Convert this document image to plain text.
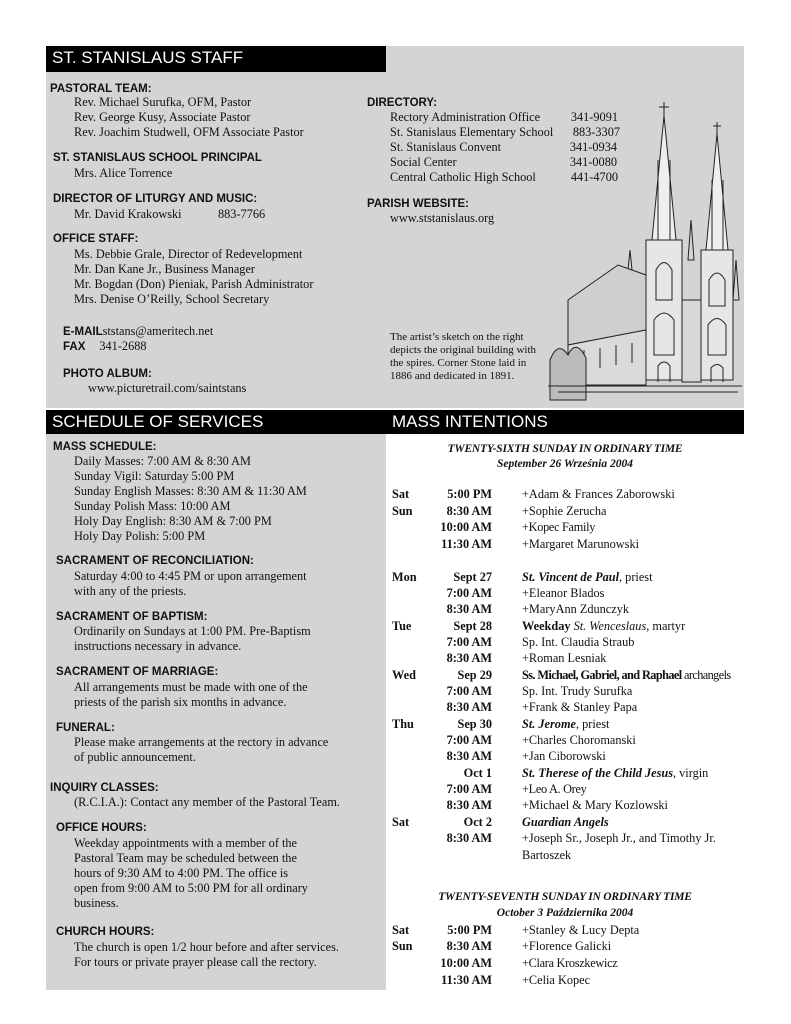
ST. STANISLAUS STAFF
PASTORAL TEAM:
Rev. Michael Surufka, OFM, Pastor
Rev. George Kusy, Associate Pastor
Rev. Joachim Studwell, OFM Associate Pastor
ST. STANISLAUS SCHOOL PRINCIPAL
Mrs. Alice Torrence
DIRECTOR OF LITURGY AND MUSIC:
Mr. David Krakowski	883-7766
OFFICE STAFF:
Ms. Debbie Grale, Director of Redevelopment
Mr. Dan Kane Jr., Business Manager
Mr. Bogdan (Don) Pieniak, Parish Administrator
Mrs. Denise O’Reilly, School Secretary
E-MAILststans@ameritech.net
FAX 341-2688
PHOTO ALBUM:
www.picturetrail.com/saintstans
DIRECTORY:
Rectory Administration Office	341-9091
St. Stanislaus Elementary School 883-3307
St. Stanislaus Convent	341-0934
Social Center	341-0080
Central Catholic High School	441-4700
PARISH WEBSITE:
www.ststanislaus.org
The artist’s sketch on the right depicts the original building with the spires. Corner Stone laid in 1886 and dedicated in 1891.
SCHEDULE OF SERVICES
MASS SCHEDULE:
Daily Masses: 7:00 AM & 8:30 AM
Sunday Vigil: Saturday 5:00 PM
Sunday English Masses: 8:30 AM & 11:30 AM
Sunday Polish Mass: 10:00 AM
Holy Day English: 8:30 AM & 7:00 PM
Holy Day Polish: 5:00 PM
SACRAMENT OF RECONCILIATION:
Saturday 4:00 to 4:45 PM or upon arrangement
with any of the priests.
SACRAMENT OF BAPTISM:
Ordinarily on Sundays at 1:00 PM. Pre-Baptism
instructions necessary in advance.
SACRAMENT OF MARRIAGE:
All arrangements must be made with one of the
priests of the parish six months in advance.
FUNERAL:
Please make arrangements at the rectory in advance
of public announcement.
INQUIRY CLASSES:
(R.C.I.A.): Contact any member of the Pastoral Team.
OFFICE HOURS:
Weekday appointments with a member of the
Pastoral Team may be scheduled between the
hours of 9:30 AM to 4:00 PM. The office is
open from 9:00 AM to 5:00 PM for all ordinary
business.
CHURCH HOURS:
The church is open 1/2 hour before and after services.
For tours or private prayer please call the rectory.
MASS INTENTIONS
TWENTY-SIXTH SUNDAY IN ORDINARY TIME
September 26 Września 2004
Sat	5:00 PM +Adam & Frances Zaborowski
Sun	8:30 AM +Sophie Zerucha
10:00 AM +Kopec Family
11:30 AM +Margaret Marunowski
Mon	Sept 27 St. Vincent de Paul, priest
7:00 AM +Eleanor Blados
8:30 AM +MaryAnn Zdunczyk
Tue	Sept 28 Weekday St. Wenceslaus, martyr
7:00 AM Sp. Int. Claudia Straub
8:30 AM +Roman Lesniak
Wed	Sep 29 Ss. Michael, Gabriel, and Raphael archangels
7:00 AM Sp. Int. Trudy Surufka
8:30 AM +Frank & Stanley Papa
Thu	Sep 30 St. Jerome, priest
7:00 AM +Charles Choromanski
8:30 AM +Jan Ciborowski
Oct 1 St. Therese of the Child Jesus, virgin
7:00 AM +Leo A. Orey
8:30 AM +Michael & Mary Kozlowski
Sat	Oct 2 Guardian Angels
8:30 AM +Joseph Sr., Joseph Jr., and Timothy Jr.
Bartoszek
TWENTY-SEVENTH SUNDAY IN ORDINARY TIME
October 3 Października 2004
Sat	5:00 PM +Stanley & Lucy Depta
Sun	8:30 AM +Florence Galicki
10:00 AM +Clara Kroszkewicz
11:30 AM +Celia Kopec
